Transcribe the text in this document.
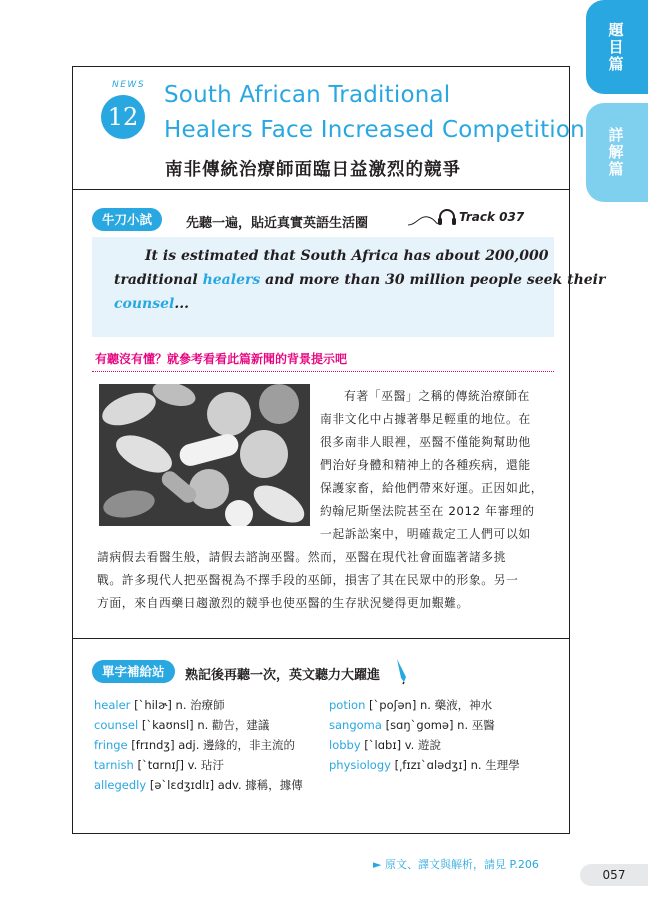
題
目
篇
詳
解
篇
NEWS
12
South African Traditional
Healers Face Increased Competition
南非傳統治療師面臨日益激烈的競爭
牛刀小試	先聽一遍，貼近真實英語生活圈	Track 037
It is estimated that South Africa has about 200,000
traditional healers and more than 30 million people seek their
counsel...
有聽沒有懂？就參考看看此篇新聞的背景提示吧
有著「巫醫」之稱的傳統治療師在
南非文化中占據著舉足輕重的地位。在
很多南非人眼裡，巫醫不僅能夠幫助他
們治好身體和精神上的各種疾病，還能
保護家畜，給他們帶來好運。正因如此，
約翰尼斯堡法院甚至在 2012 年審理的
一起訴訟案中，明確裁定工人們可以如
請病假去看醫生般，請假去諮詢巫醫。然而，巫醫在現代社會面臨著諸多挑
戰。許多現代人把巫醫視為不擇手段的巫師，損害了其在民眾中的形象。另一
方面，來自西藥日趨激烈的競爭也使巫醫的生存狀況變得更加艱難。
單字補給站	熟記後再聽一次，英文聽力大躍進
healer [ˋhilɚ] n. 治療師
counsel [ˋkaʊnsl] n. 勸告，建議
fringe [frɪndʒ] adj. 邊緣的，非主流的
tarnish [ˋtɑrnɪʃ] v. 玷汙
allegedly [əˋlɛdʒɪdlɪ] adv. 據稱，據傳
potion [ˋpoʃən] n. 藥液，神水
sangoma [sɑŋˋgomə] n. 巫醫
lobby [ˋlɑbɪ] v. 遊說
physiology [͵fɪzɪˋɑlədʒɪ] n. 生理學
► 原文、譯文與解析，請見 P.206
057
